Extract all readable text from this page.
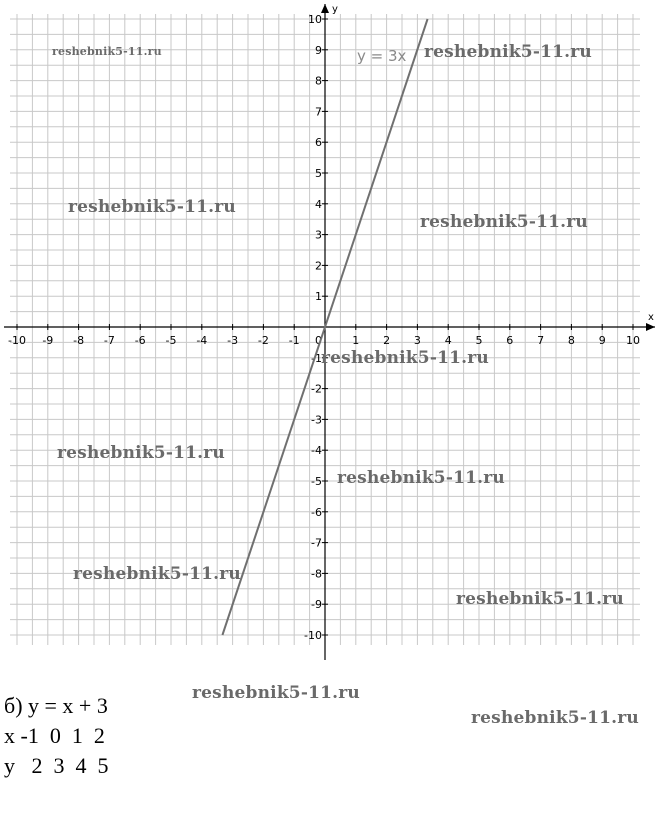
x
y
-10 -9 -8 -7 -6 -5 -4 -3 -2 -1	1 2 3 4 5 6 7 8 9 10
10
9
8
7
6
5
4
3
2
1
-1
-2
-3
-4
-5
-6
-7
-8
-9
-10
0
y = 3x
reshebnik5-11.ru	reshebnik5-11.ru
reshebnik5-11.ru
reshebnik5-11.ru
reshebnik5-11.ru
reshebnik5-11.ru
reshebnik5-11.ru
reshebnik5-11.ru
reshebnik5-11.ru
reshebnik5-11.ru
reshebnik5-11.ru
б) y = x + 3
x -1  0  1  2
y   2  3  4  5
